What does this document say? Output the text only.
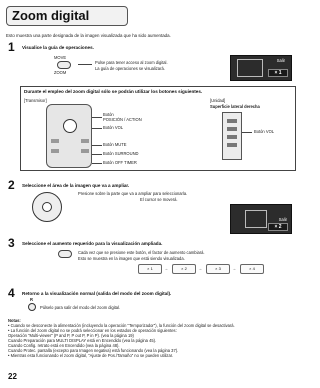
Zoom digital
Esto muestra una parte designada de la imagen visualizada que ha sido aumentada.
1 Visualice la guía de operaciones.
MOVE
ZOOM
Pulse para tener acceso al zoom digital.
La guía de operaciones se visualizará.
Salir
× 1
Durante el empleo del zoom digital sólo se podrán utilizar los botones siguientes.
[Transmisor]	[Unidad]
Superficie lateral derecha
Botón
POSICIÓN / ACTION
Botón VOL
Botón MUTE
Botón SURROUND
Botón OFF TIMER
Botón VOL
2 Seleccione el área de la imagen que va a ampliar.
Presione sobre la parte que va a ampliar para seleccionarla.
El cursor se moverá.
Salir
× 2
3 Seleccione el aumento requerido para la visualización ampliada.
Cada vez que se presione este botón, el factor de aumento cambiará.
Esto se muestra en la imagen que está siendo visualizada.
× 1	→	× 2	→	× 3	→	× 4
4 Retorno a la visualización normal (salida del modo del zoom digital).
R
Púlselo para salir del modo del zoom digital.
Notas:
• Cuando se desconecte la alimentación (incluyendo la operación "Temporizador"), la función del zoom digital se desactivará.
• La función del zoom digital no se podrá seleccionar en los estados de operación siguientes:
Operación "Multi-viewer" (P and P, P out P, P in P). (vea la página 19)
Cuando Preparación para MULTI DISPLAY está en Encendido (vea la página 45).
Cuando Config. retrato está en Encendido (vea la página 48).
Cuando Protec. pantalla (excepto para Imagen negativa) está funcionando (vea la página 37).
• Mientras esta funcionando el zoom digital, "Ajuste de Pos./Tamaño" no se pueden utilizar.
22
